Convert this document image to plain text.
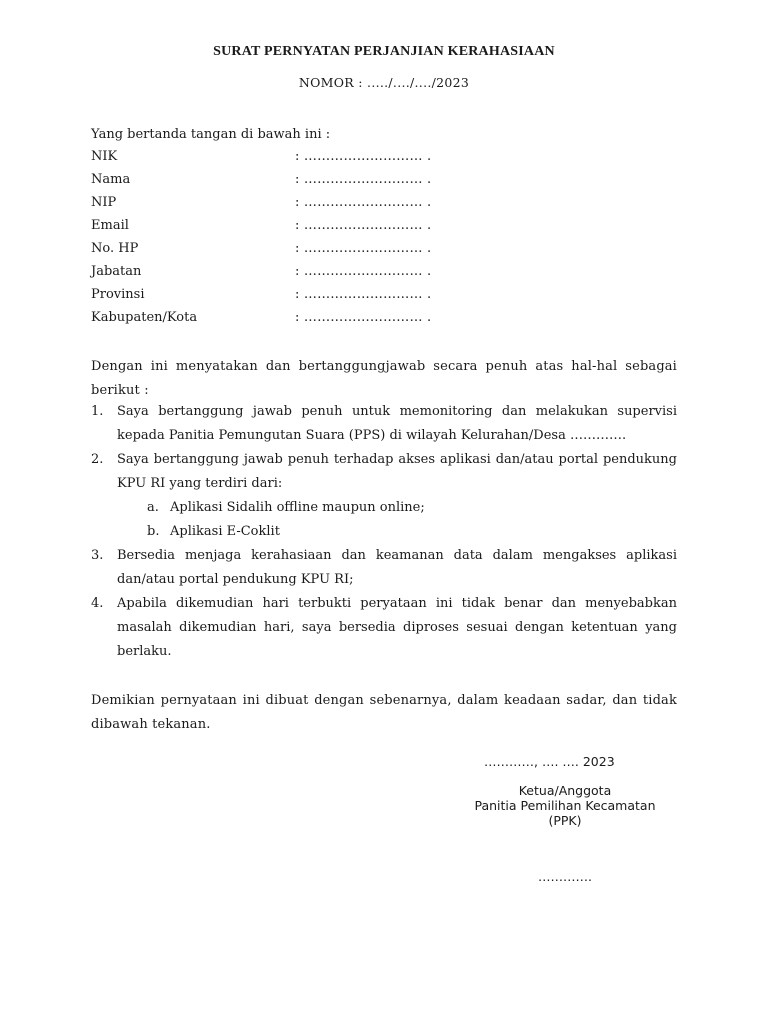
SURAT PERNYATAN PERJANJIAN KERAHASIAAN
NOMOR : ...../..../..../2023
Yang bertanda tangan di bawah ini :
NIK	: ……………………… .
Nama	: ……………………… .
NIP	: ……………………… .
Email	: ……………………… .
No. HP	: ……………………… .
Jabatan	: ……………………… .
Provinsi	: ……………………… .
Kabupaten/Kota	: ……………………… .
Dengan ini menyatakan dan bertanggungjawab secara penuh atas hal-hal sebagai berikut :
1.	Saya bertanggung jawab penuh untuk memonitoring dan melakukan supervisi kepada Panitia Pemungutan Suara (PPS) di wilayah Kelurahan/Desa ………….
2.	Saya bertanggung jawab penuh terhadap akses aplikasi dan/atau portal pendukung KPU RI yang terdiri dari:
a. Aplikasi Sidalih offline maupun online;
b. Aplikasi E-Coklit
3.	Bersedia menjaga kerahasiaan dan keamanan data dalam mengakses aplikasi dan/atau portal pendukung KPU RI;
4.	Apabila dikemudian hari terbukti peryataan ini tidak benar dan menyebabkan masalah dikemudian hari, saya bersedia diproses sesuai dengan ketentuan yang berlaku.
Demikian pernyataan ini dibuat dengan sebenarnya, dalam keadaan sadar, dan tidak dibawah tekanan.
…………, …. …. 2023
Ketua/Anggota
Panitia Pemilihan Kecamatan
(PPK)
………….
